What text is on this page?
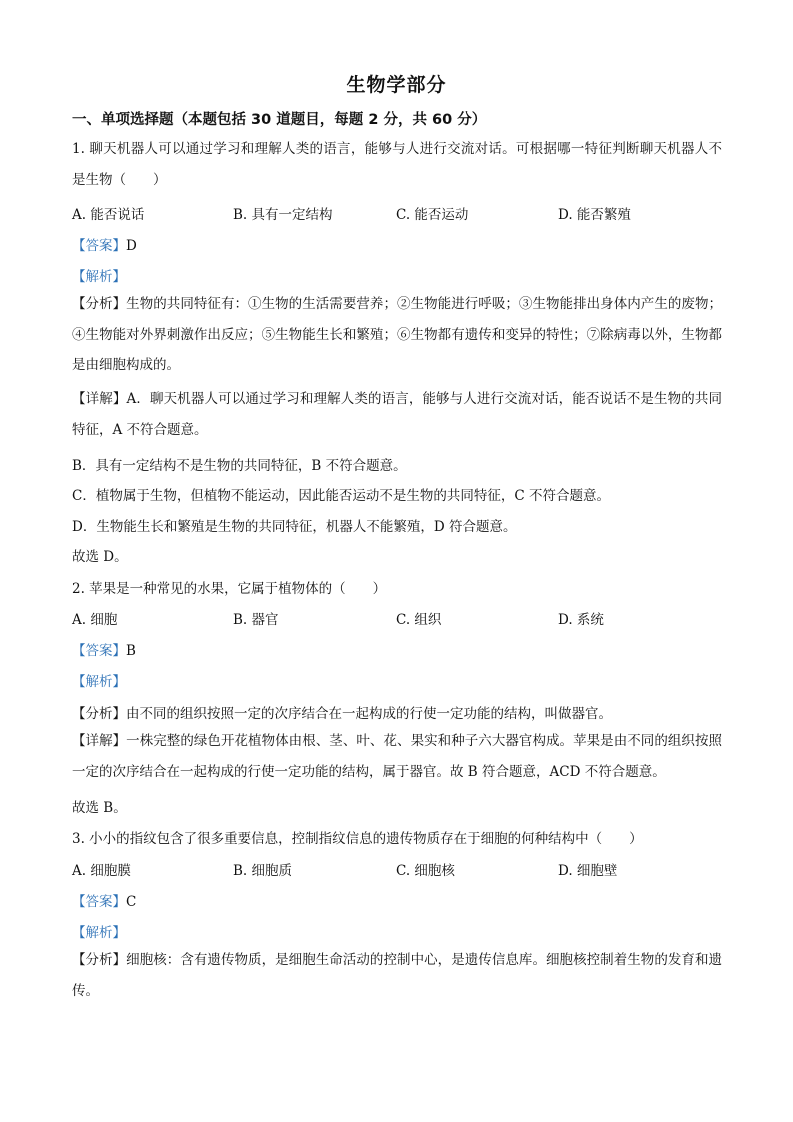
生物学部分
一、单项选择题（本题包括 30 道题目，每题 2 分，共 60 分）
1. 聊天机器人可以通过学习和理解人类的语言，能够与人进行交流对话。可根据哪一特征判断聊天机器人不是生物（　　）
A. 能否说话	B. 具有一定结构	C. 能否运动	D. 能否繁殖
【答案】D
【解析】
【分析】生物的共同特征有：①生物的生活需要营养；②生物能进行呼吸；③生物能排出身体内产生的废物；④生物能对外界刺激作出反应；⑤生物能生长和繁殖；⑥生物都有遗传和变异的特性；⑦除病毒以外，生物都是由细胞构成的。
【详解】A．聊天机器人可以通过学习和理解人类的语言，能够与人进行交流对话，能否说话不是生物的共同特征，A 不符合题意。
B．具有一定结构不是生物的共同特征，B 不符合题意。
C．植物属于生物，但植物不能运动，因此能否运动不是生物的共同特征，C 不符合题意。
D．生物能生长和繁殖是生物的共同特征，机器人不能繁殖，D 符合题意。
故选 D。
2. 苹果是一种常见的水果，它属于植物体的（　　）
A. 细胞	B. 器官	C. 组织	D. 系统
【答案】B
【解析】
【分析】由不同的组织按照一定的次序结合在一起构成的行使一定功能的结构，叫做器官。
【详解】一株完整的绿色开花植物体由根、茎、叶、花、果实和种子六大器官构成。苹果是由不同的组织按照一定的次序结合在一起构成的行使一定功能的结构，属于器官。故 B 符合题意，ACD 不符合题意。
故选 B。
3. 小小的指纹包含了很多重要信息，控制指纹信息的遗传物质存在于细胞的何种结构中（　　）
A. 细胞膜	B. 细胞质	C. 细胞核	D. 细胞壁
【答案】C
【解析】
【分析】细胞核：含有遗传物质，是细胞生命活动的控制中心，是遗传信息库。细胞核控制着生物的发育和遗传。
